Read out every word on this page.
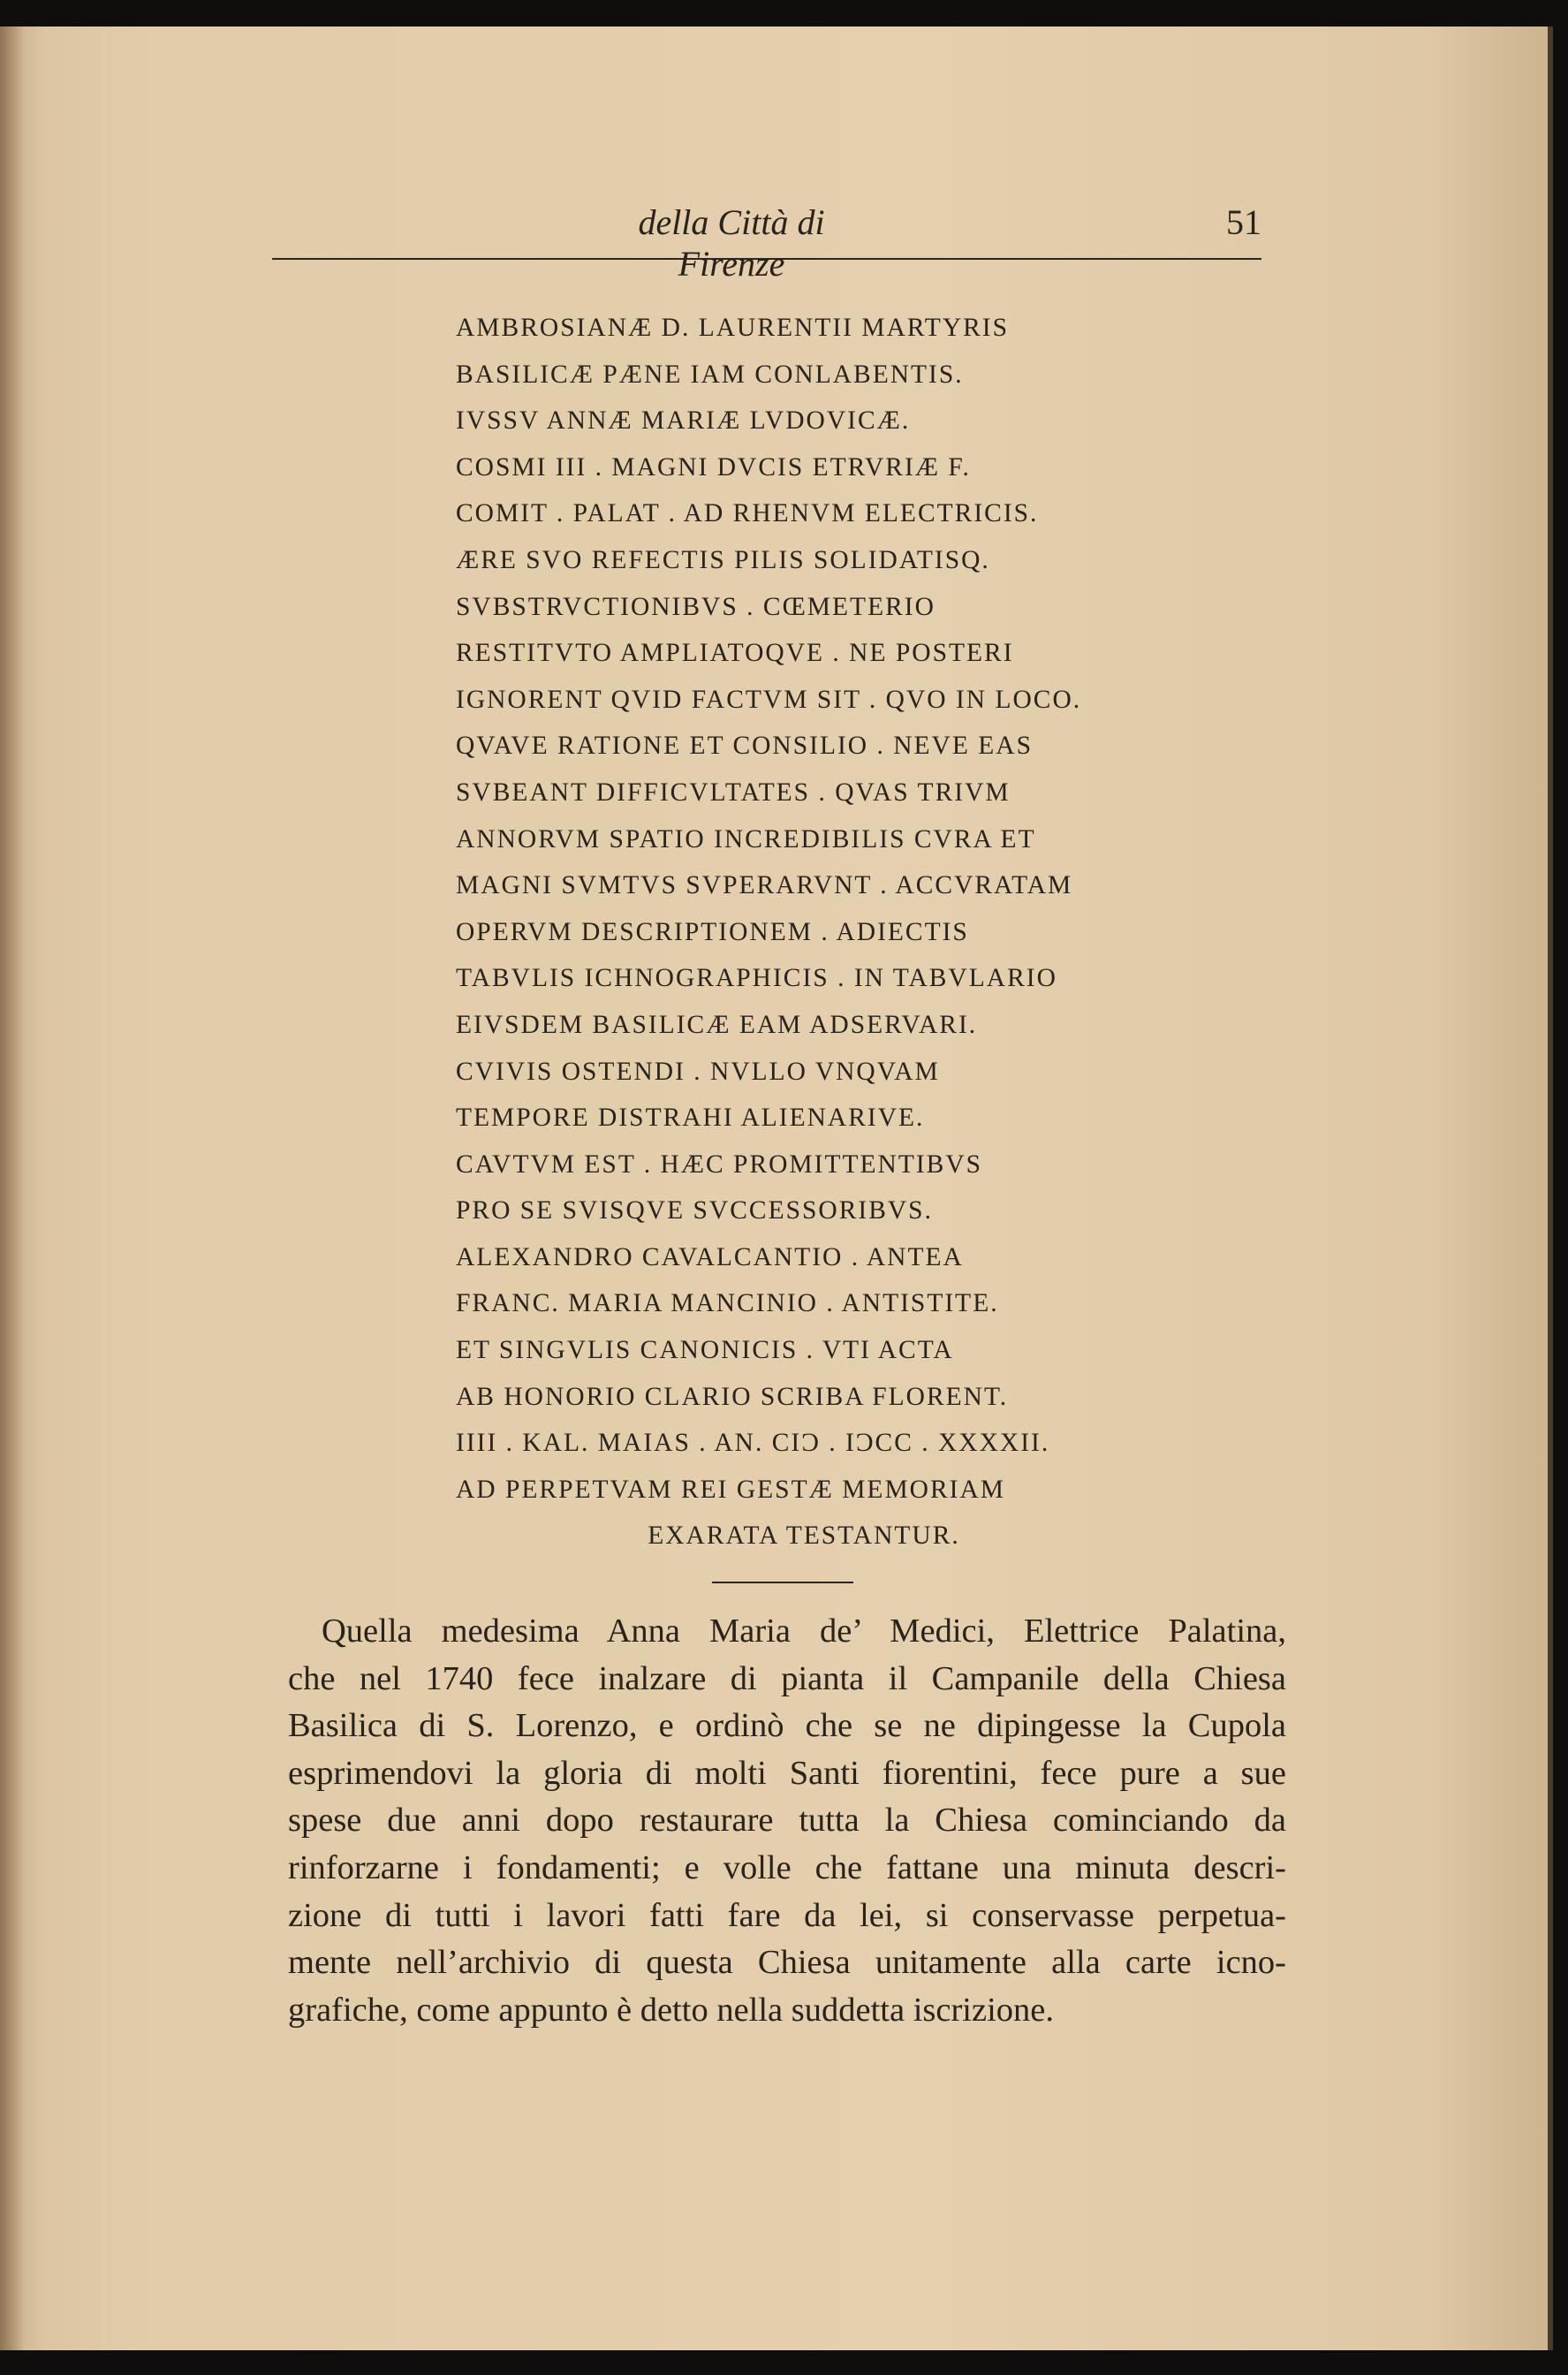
della Città di Firenze
51
AMBROSIANÆ D. LAURENTII MARTYRIS
BASILICÆ PÆNE IAM CONLABENTIS.
IVSSV ANNÆ MARIÆ LVDOVICÆ.
COSMI III . MAGNI DVCIS ETRVRIÆ F.
COMIT . PALAT . AD RHENVM ELECTRICIS.
ÆRE SVO REFECTIS PILIS SOLIDATISQ.
SVBSTRVCTIONIBVS . CŒMETERIO
RESTITVTO AMPLIATOQVE . NE POSTERI
IGNORENT QVID FACTVM SIT . QVO IN LOCO.
QVAVE RATIONE ET CONSILIO . NEVE EAS
SVBEANT DIFFICVLTATES . QVAS TRIVM
ANNORVM SPATIO INCREDIBILIS CVRA ET
MAGNI SVMTVS SVPERARVNT . ACCVRATAM
OPERVM DESCRIPTIONEM . ADIECTIS
TABVLIS ICHNOGRAPHICIS . IN TABVLARIO
EIVSDEM BASILICÆ EAM ADSERVARI.
CVIVIS OSTENDI . NVLLO VNQVAM
TEMPORE DISTRAHI ALIENARIVE.
CAVTVM EST . HÆC PROMITTENTIBVS
PRO SE SVISQVE SVCCESSORIBVS.
ALEXANDRO CAVALCANTIO . ANTEA
FRANC. MARIA MANCINIO . ANTISTITE.
ET SINGVLIS CANONICIS . VTI ACTA
AB HONORIO CLARIO SCRIBA FLORENT.
IIII . KAL. MAIAS . AN. CIƆ . IƆCC . XXXXII.
AD PERPETVAM REI GESTÆ MEMORIAM
EXARATA TESTANTUR.

Quella medesima Anna Maria de’ Medici, Elettrice Palatina,
che nel 1740 fece inalzare di pianta il Campanile della Chiesa
Basilica di S. Lorenzo, e ordinò che se ne dipingesse la Cupola
esprimendovi la gloria di molti Santi fiorentini, fece pure a sue
spese due anni dopo restaurare tutta la Chiesa cominciando da
rinforzarne i fondamenti; e volle che fattane una minuta descri-
zione di tutti i lavori fatti fare da lei, si conservasse perpetua-
mente nell’archivio di questa Chiesa unitamente alla carte icno-
grafiche, come appunto è detto nella suddetta iscrizione.
